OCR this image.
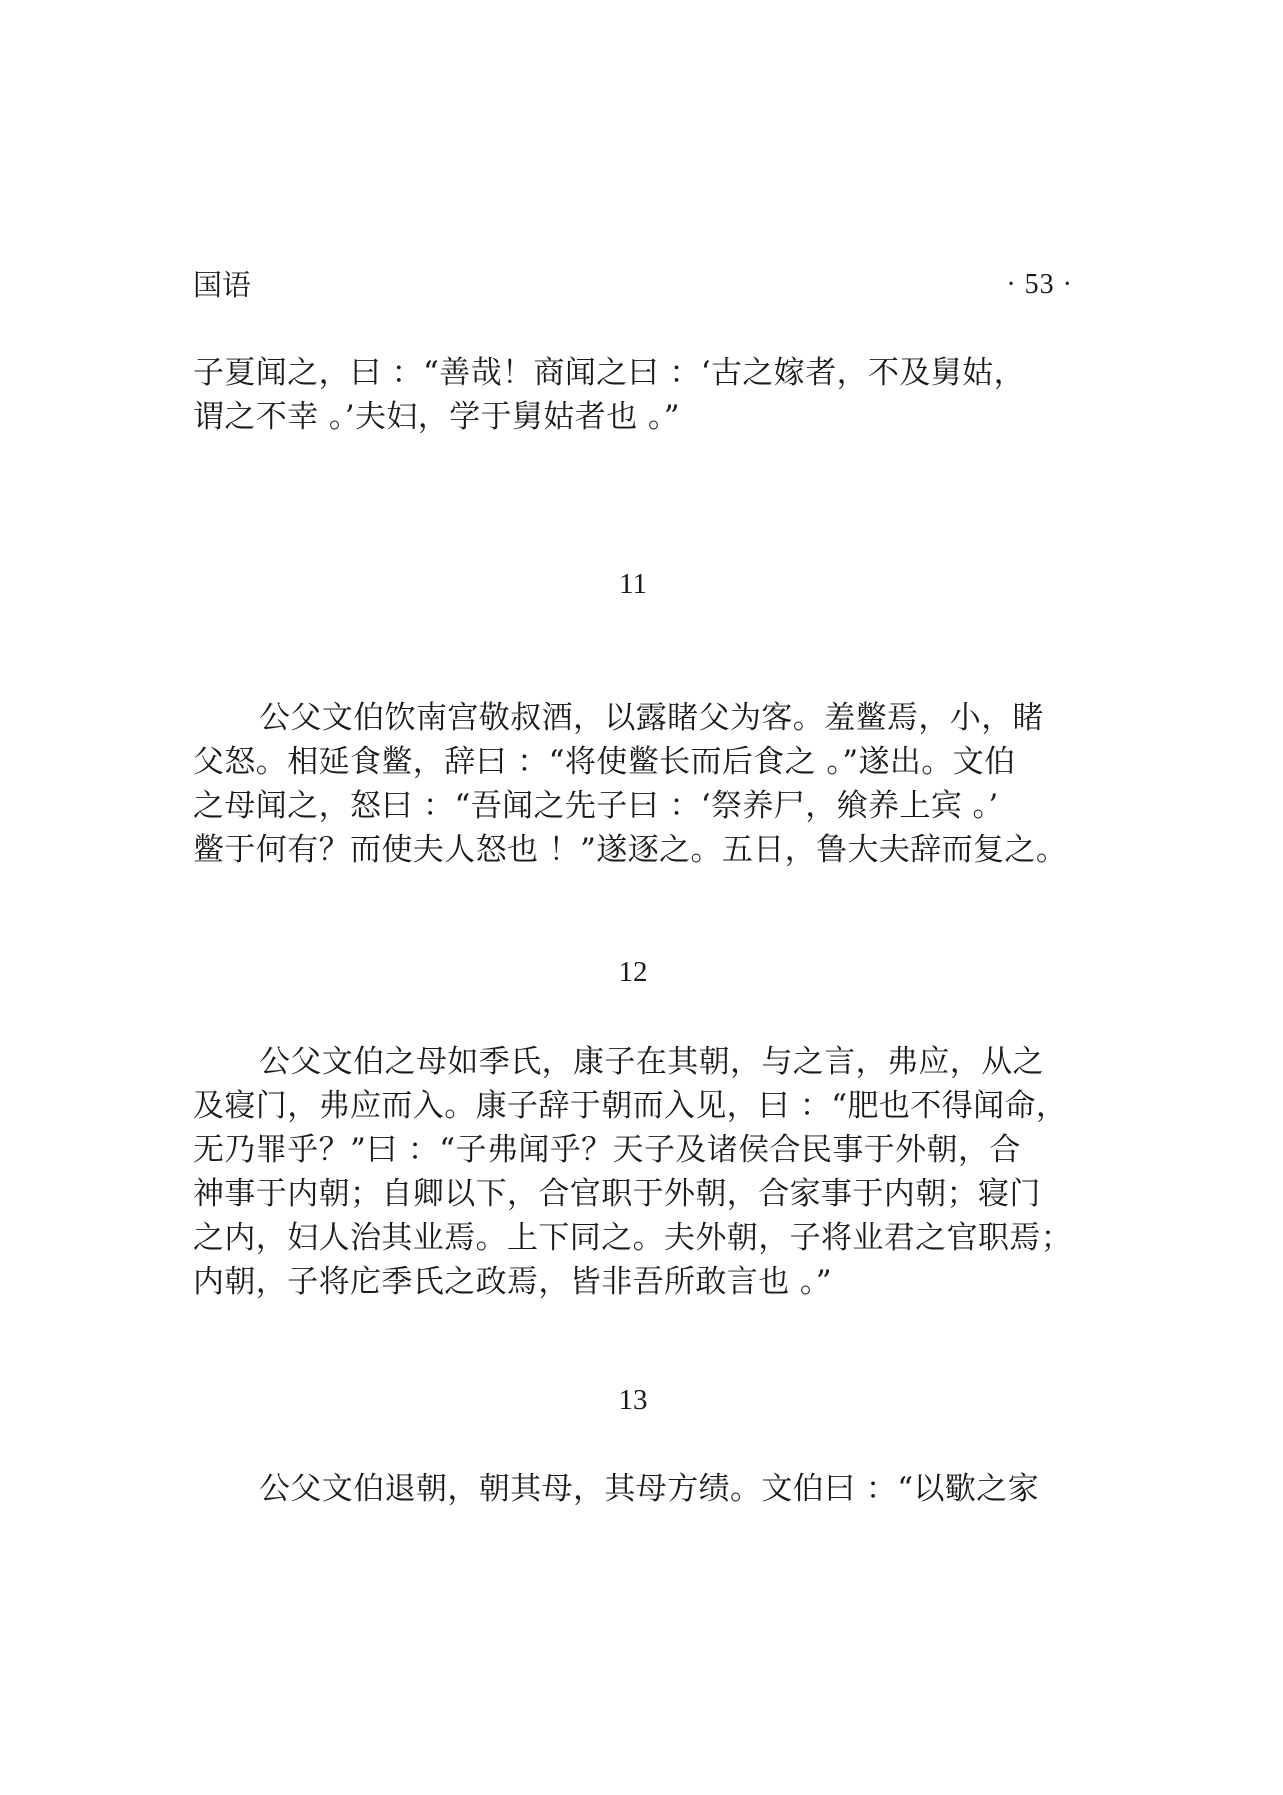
国语	· 53 ·
子夏闻之，曰 ：“善哉！商闻之曰 ：‘古之嫁者，不及舅姑，
谓之不幸 。’夫妇，学于舅姑者也 。”
11
公父文伯饮南宫敬叔酒，以露睹父为客。羞鳖焉，小，睹
父怒。相延食鳖，辞曰 ：“将使鳖长而后食之 。”遂出。文伯
之母闻之，怒曰 ：“吾闻之先子曰 ：‘祭养尸，飨养上宾 。’
鳖于何有？而使夫人怒也 ！”遂逐之。五日，鲁大夫辞而复之。
12
公父文伯之母如季氏，康子在其朝，与之言，弗应，从之
及寝门，弗应而入。康子辞于朝而入见，曰 ：“肥也不得闻命，
无乃罪乎？”曰 ：“子弗闻乎？天子及诸侯合民事于外朝，合
神事于内朝；自卿以下，合官职于外朝，合家事于内朝；寝门
之内，妇人治其业焉。上下同之。夫外朝，子将业君之官职焉；
内朝，子将庀季氏之政焉，皆非吾所敢言也 。”
13
公父文伯退朝，朝其母，其母方绩。文伯曰 ：“以歜之家
